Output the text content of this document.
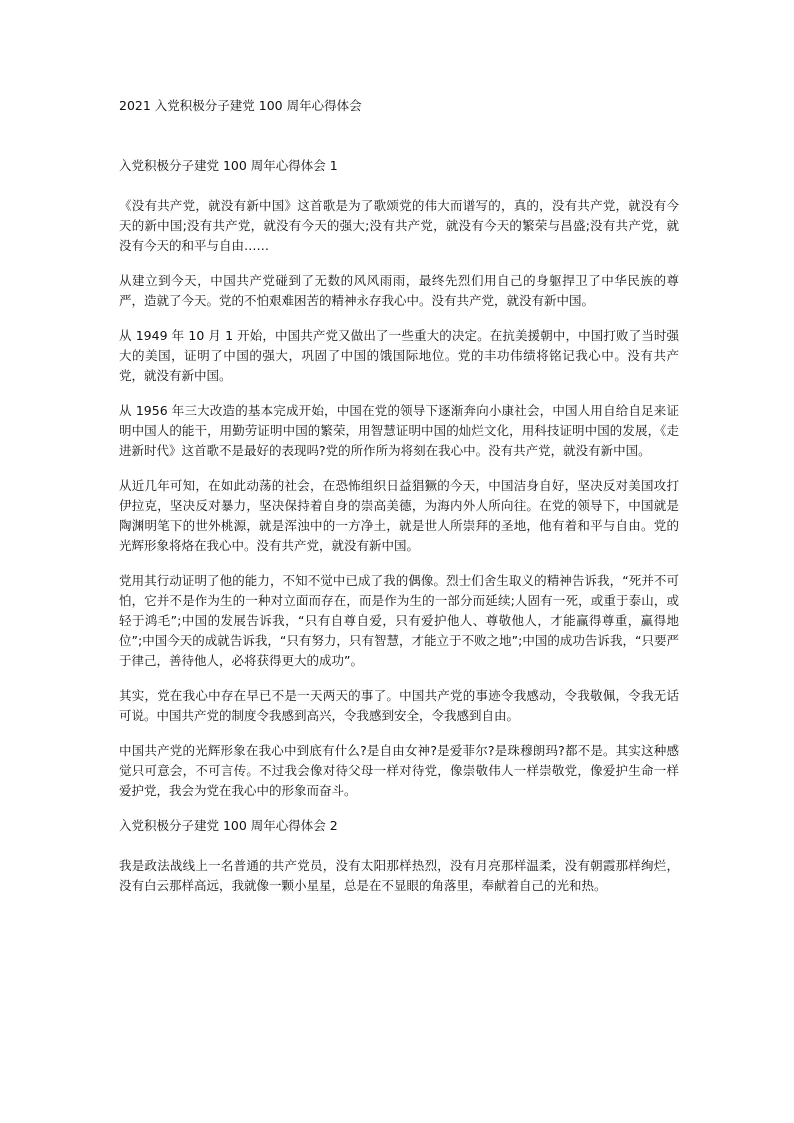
2021 入党积极分子建党 100 周年心得体会
入党积极分子建党 100 周年心得体会 1

《没有共产党，就没有新中国》这首歌是为了歌颂党的伟大而谱写的，真的，没有共产党，就没有今天的新中国;没有共产党，就没有今天的强大;没有共产党，就没有今天的繁荣与昌盛;没有共产党，就没有今天的和平与自由……

从建立到今天，中国共产党碰到了无数的风风雨雨，最终先烈们用自己的身躯捍卫了中华民族的尊严，造就了今天。党的不怕艰难困苦的精神永存我心中。没有共产党，就没有新中国。

从 1949 年 10 月 1 开始，中国共产党又做出了一些重大的决定。在抗美援朝中，中国打败了当时强大的美国，证明了中国的强大，巩固了中国的饿国际地位。党的丰功伟绩将铭记我心中。没有共产党，就没有新中国。

从 1956 年三大改造的基本完成开始，中国在党的领导下逐渐奔向小康社会，中国人用自给自足来证明中国人的能干，用勤劳证明中国的繁荣，用智慧证明中国的灿烂文化，用科技证明中国的发展，《走进新时代》这首歌不是最好的表现吗?党的所作所为将刻在我心中。没有共产党，就没有新中国。

从近几年可知，在如此动荡的社会，在恐怖组织日益猖獗的今天，中国洁身自好，坚决反对美国攻打伊拉克，坚决反对暴力，坚决保持着自身的崇高美德，为海内外人所向往。在党的领导下，中国就是陶渊明笔下的世外桃源，就是浑浊中的一方净土，就是世人所崇拜的圣地，他有着和平与自由。党的光辉形象将烙在我心中。没有共产党，就没有新中国。

党用其行动证明了他的能力，不知不觉中已成了我的偶像。烈士们舍生取义的精神告诉我，“死并不可怕，它并不是作为生的一种对立面而存在，而是作为生的一部分而延续;人固有一死，或重于泰山，或轻于鸿毛”;中国的发展告诉我，“只有自尊自爱，只有爱护他人、尊敬他人，才能赢得尊重，赢得地位”;中国今天的成就告诉我，“只有努力，只有智慧，才能立于不败之地”;中国的成功告诉我，“只要严于律己，善待他人，必将获得更大的成功”。

其实，党在我心中存在早已不是一天两天的事了。中国共产党的事迹令我感动，令我敬佩，令我无话可说。中国共产党的制度令我感到高兴，令我感到安全，令我感到自由。

中国共产党的光辉形象在我心中到底有什么?是自由女神?是爱菲尔?是珠穆朗玛?都不是。其实这种感觉只可意会，不可言传。不过我会像对待父母一样对待党，像崇敬伟人一样崇敬党，像爱护生命一样爱护党，我会为党在我心中的形象而奋斗。

入党积极分子建党 100 周年心得体会 2

我是政法战线上一名普通的共产党员，没有太阳那样热烈，没有月亮那样温柔，没有朝霞那样绚烂，没有白云那样高远，我就像一颗小星星，总是在不显眼的角落里，奉献着自己的光和热。
